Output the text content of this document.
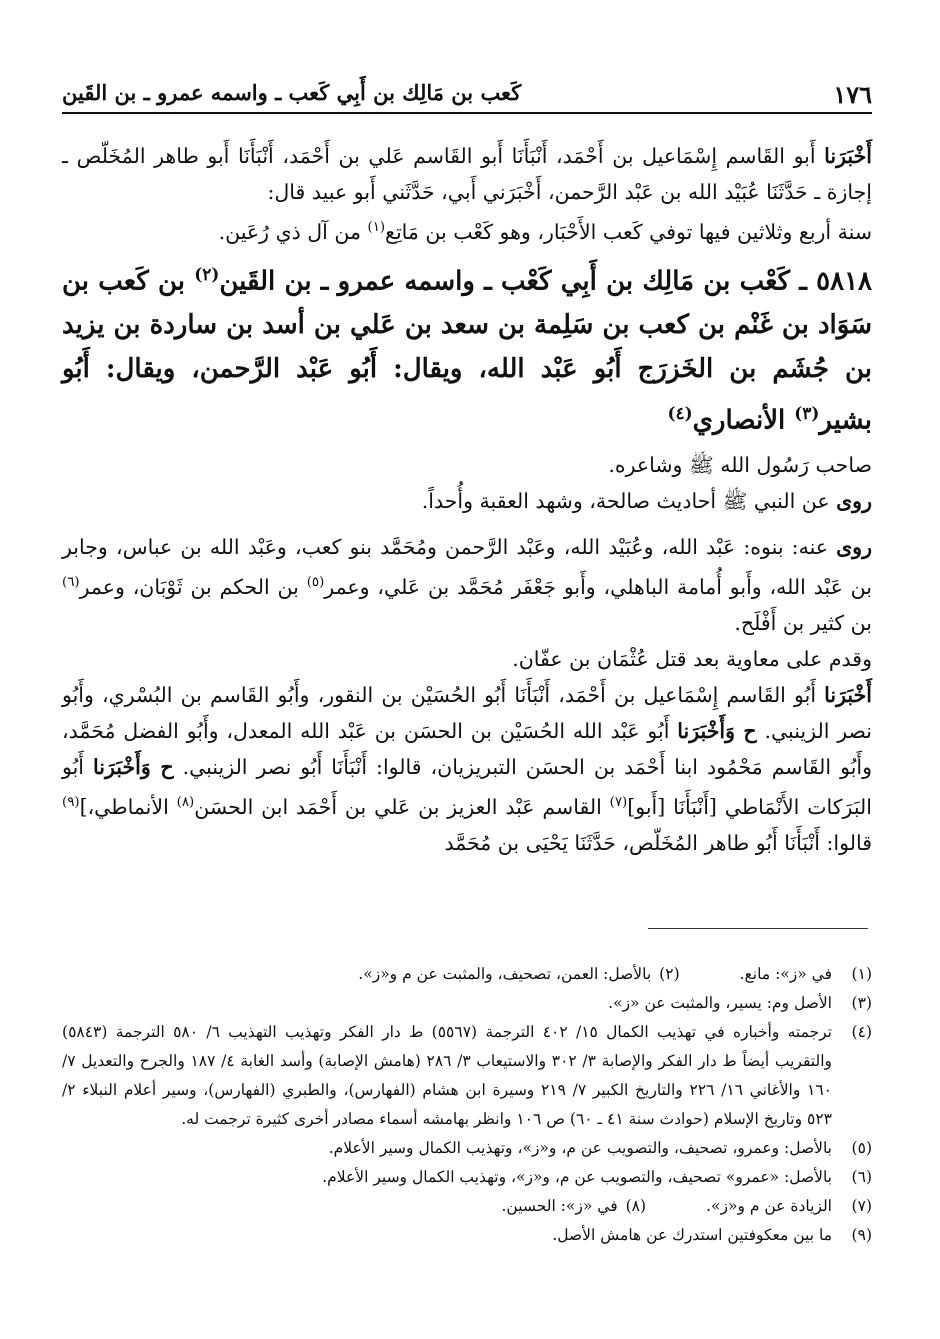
١٧٦
كَعب بن مَالِك بن أَبِي كَعب ـ واسمه عمرو ـ بن القَين

أَخْبَرَنا أَبو القَاسم إِسْمَاعيل بن أَحْمَد، أَنْبَأَنَا أَبو القَاسم عَلي بن أَحْمَد، أَنْبَأَنَا أَبو طاهر المُخَلّص ـ إجازة ـ حَدَّثَنَا عُبَيْد الله بن عَبْد الرَّحمن، أَخْبَرَني أَبي، حَدَّثَني أَبو عبيد قال:

سنة أربع وثلاثين فيها توفي كَعب الأَحْبَار، وهو كَعْب بن مَاتِع$^{(١)}$ من آل ذي رُعَين.

٥٨١٨ ـ كَعْب بن مَالِك بن أَبِي كَعْب ـ واسمه عمرو ـ بن القَين$^{(٢)}$ بن كَعب بن سَوَاد بن غَنْم بن كعب بن سَلِمة بن سعد بن عَلي بن أسد بن ساردة بن يزيد بن جُشَم بن الخَزرَج أَبُو عَبْد الله، ويقال: أَبُو عَبْد الرَّحمن، ويقال: أَبُو بشير$^{(٣)}$ الأنصاري$^{(٤)}$

صاحب رَسُول الله ﷺ وشاعره.

روى عن النبي ﷺ أحاديث صالحة، وشهد العقبة وأُحداً.

روى عنه: بنوه: عَبْد الله، وعُبَيْد الله، وعَبْد الرَّحمن ومُحَمَّد بنو كعب، وعَبْد الله بن عباس، وجابر بن عَبْد الله، وأَبو أُمامة الباهلي، وأَبو جَعْفَر مُحَمَّد بن عَلي، وعمر$^{(٥)}$ بن الحكم بن ثَوْبَان، وعمر$^{(٦)}$ بن كثير بن أَفْلَح.

وقدم على معاوية بعد قتل عُثْمَان بن عفّان.

أَخْبَرَنا أَبُو القَاسم إِسْمَاعيل بن أَحْمَد، أَنْبَأَنَا أَبُو الحُسَيْن بن النقور، وأَبُو القَاسم بن البُسْري، وأَبُو نصر الزينبي. ح وَأَخْبَرَنا أَبُو عَبْد الله الحُسَيْن بن الحسَن بن عَبْد الله المعدل، وأَبُو الفضل مُحَمَّد، وأَبُو القَاسم مَحْمُود ابنا أَحْمَد بن الحسَن التبريزيان، قالوا: أَنْبَأَنَا أَبُو نصر الزينبي. ح وَأَخْبَرَنا أَبُو البَرَكات الأَنْمَاطي [أَنْبَأَنَا [أَبو]$^{(٧)}$ القاسم عَبْد العزيز بن عَلي بن أَحْمَد ابن الحسَن$^{(٨)}$ الأنماطي،]$^{(٩)}$ قالوا: أَنْبَأَنَا أَبُو طاهر المُخَلّص، حَدَّثَنَا يَحْيَى بن مُحَمَّد

(١)
في «ز»: مانع.
(٢)
بالأصل: العمن، تصحيف، والمثبت عن م و«ز».
(٣)
الأصل وم: يسير، والمثبت عن «ز».
(٤)
ترجمته وأخباره في تهذيب الكمال ١٥/ ٤٠٢ الترجمة (٥٥٦٧) ط دار الفكر وتهذيب التهذيب ٦/ ٥٨٠ الترجمة (٥٨٤٣) والتقريب أيضاً ط دار الفكر والإصابة ٣/ ٣٠٢ والاستيعاب ٣/ ٢٨٦ (هامش الإصابة) وأسد الغابة ٤/ ١٨٧ والجرح والتعديل ٧/ ١٦٠ والأغاني ١٦/ ٢٢٦ والتاريخ الكبير ٧/ ٢١٩ وسيرة ابن هشام (الفهارس)، والطبري (الفهارس)، وسير أعلام النبلاء ٢/ ٥٢٣ وتاريخ الإسلام (حوادث سنة ٤١ ـ ٦٠) ص ١٠٦ وانظر بهامشه أسماء مصادر أخرى كثيرة ترجمت له.
(٥)
بالأصل: وعمرو، تصحيف، والتصويب عن م، و«ز»، وتهذيب الكمال وسير الأعلام.
(٦)
بالأصل: «عمرو» تصحيف، والتصويب عن م، و«ز»، وتهذيب الكمال وسير الأعلام.
(٧)
الزيادة عن م و«ز».
(٨)
في «ز»: الحسين.
(٩)
ما بين معكوفتين استدرك عن هامش الأصل.
